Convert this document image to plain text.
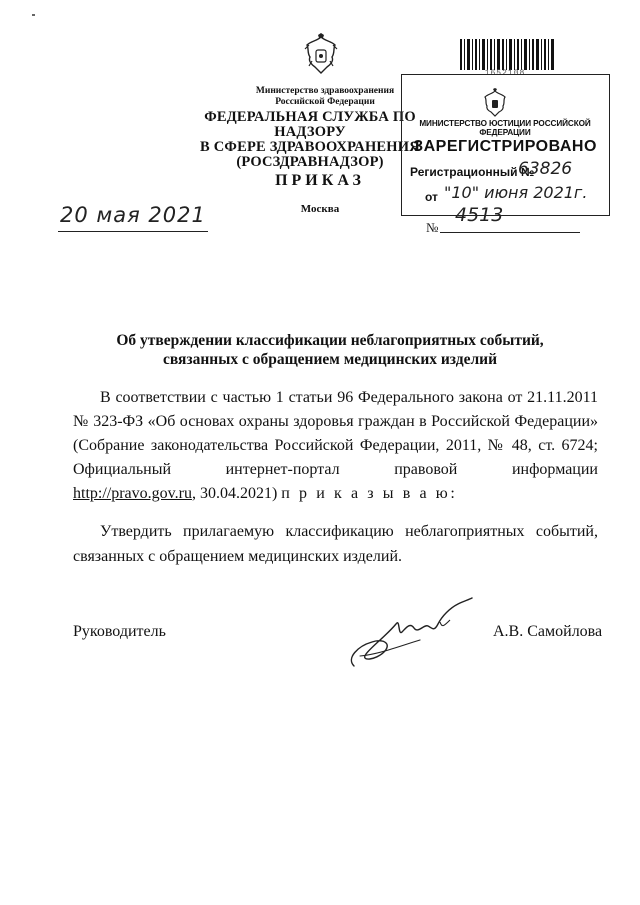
Министерство здравоохранения
Российской Федерации
ФЕДЕРАЛЬНАЯ СЛУЖБА ПО НАДЗОРУ
В СФЕРЕ ЗДРАВООХРАНЕНИЯ
(РОСЗДРАВНАДЗОР)
ПРИКАЗ
Москва
20 мая 2021
1652108
МИНИСТЕРСТВО ЮСТИЦИИ РОССИЙСКОЙ ФЕДЕРАЦИИ
ЗАРЕГИСТРИРОВАНО
Регистрационный №
63826
от "10" июня 2021г.
№
4513
Об утверждении классификации неблагоприятных событий,
связанных с обращением медицинских изделий
В соответствии с частью 1 статьи 96 Федерального закона от 21.11.2011
№ 323-ФЗ «Об основах охраны здоровья граждан в Российской Федерации»
(Собрание законодательства Российской Федерации, 2011, № 48, ст. 6724;
Официальный интернет-портал правовой информации
http://pravo.gov.ru, 30.04.2021) п р и к а з ы в а ю:
Утвердить прилагаемую классификацию неблагоприятных событий,
связанных с обращением медицинских изделий.
Руководитель	А.В. Самойлова
